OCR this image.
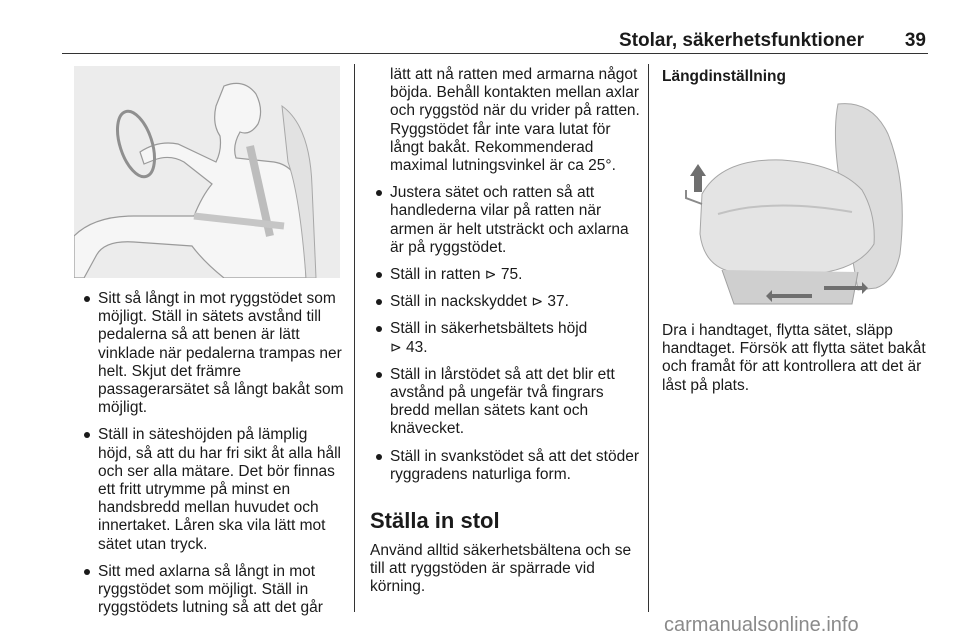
Stolar, säkerhetsfunktioner 39
Sitt så långt in mot ryggstödet som möjligt. Ställ in sätets avstånd till pedalerna så att benen är lätt vinklade när pedalerna trampas ner helt. Skjut det främre passagerarsätet så långt bakåt som möjligt.
Ställ in säteshöjden på lämplig höjd, så att du har fri sikt åt alla håll och ser alla mätare. Det bör finnas ett fritt utrymme på minst en handsbredd mellan huvudet och innertaket. Låren ska vila lätt mot sätet utan tryck.
Sitt med axlarna så långt in mot ryggstödet som möjligt. Ställ in ryggstödets lutning så att det går
lätt att nå ratten med armarna något böjda. Behåll kontakten mellan axlar och ryggstöd när du vrider på ratten. Ryggstödet får inte vara lutat för långt bakåt. Rekommenderad maximal lutningsvinkel är ca 25°.
Justera sätet och ratten så att handlederna vilar på ratten när armen är helt utsträckt och axlarna är på ryggstödet.
Ställ in ratten ⊳ 75.
Ställ in nackskyddet ⊳ 37.
Ställ in säkerhetsbältets höjd
⊳ 43.
Ställ in lårstödet så att det blir ett avstånd på ungefär två fingrars bredd mellan sätets kant och knävecket.
Ställ in svankstödet så att det stöder ryggradens naturliga form.
Ställa in stol

Använd alltid säkerhetsbältena och se till att ryggstöden är spärrade vid körning.

Längdinställning
Dra i handtaget, flytta sätet, släpp handtaget. Försök att flytta sätet bakåt och framåt för att kontrollera att det är låst på plats.
carmanualsonline.info
